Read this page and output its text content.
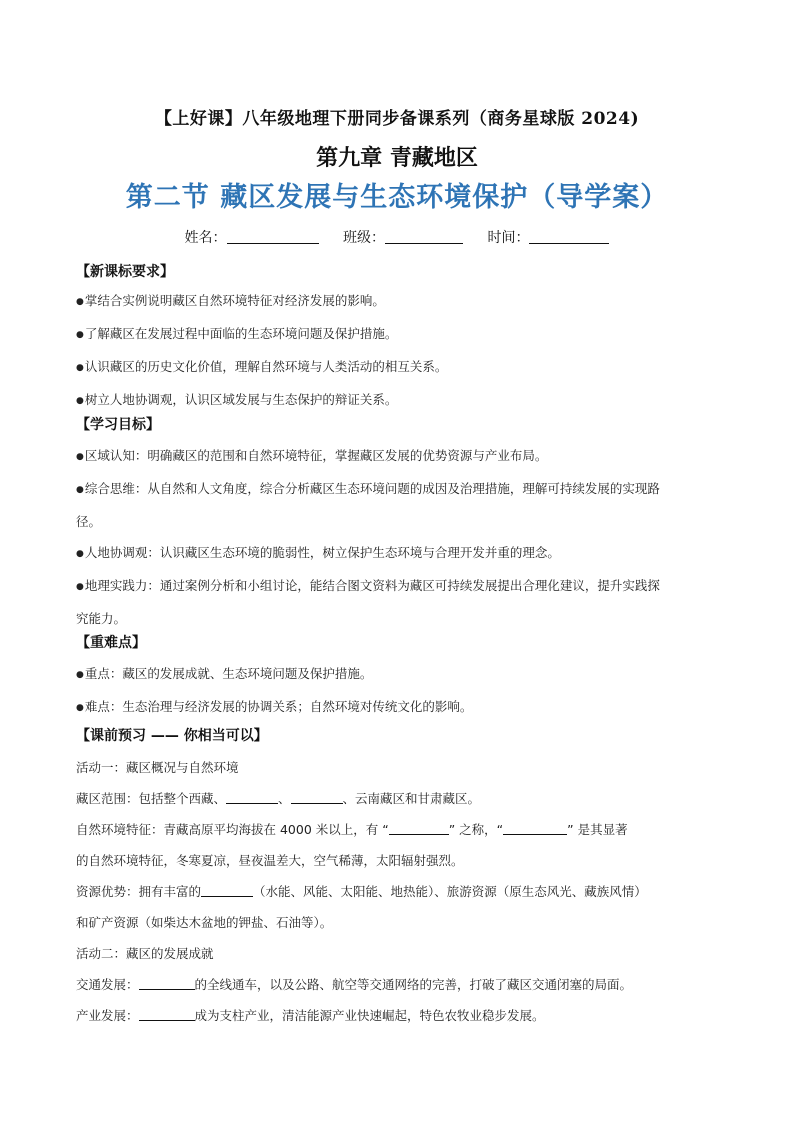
【上好课】八年级地理下册同步备课系列（商务星球版 2024)
第九章 青藏地区
第二节 藏区发展与生态环境保护（导学案）
姓名：	班级：	时间：
【新课标要求】
●掌结合实例说明藏区自然环境特征对经济发展的影响。
●了解藏区在发展过程中面临的生态环境问题及保护措施。
●认识藏区的历史文化价值，理解自然环境与人类活动的相互关系。
●树立人地协调观，认识区域发展与生态保护的辩证关系。
【学习目标】
●区域认知：明确藏区的范围和自然环境特征，掌握藏区发展的优势资源与产业布局。
●综合思维：从自然和人文角度，综合分析藏区生态环境问题的成因及治理措施，理解可持续发展的实现路
径。
●人地协调观：认识藏区生态环境的脆弱性，树立保护生态环境与合理开发并重的理念。
●地理实践力：通过案例分析和小组讨论，能结合图文资料为藏区可持续发展提出合理化建议，提升实践探
究能力。
【重难点】
●重点：藏区的发展成就、生态环境问题及保护措施。
●难点：生态治理与经济发展的协调关系；自然环境对传统文化的影响。
【课前预习 —— 你相当可以】
活动一：藏区概况与自然环境
藏区范围：包括整个西藏、	、	、云南藏区和甘肃藏区。
自然环境特征：青藏高原平均海拔在 4000 米以上，有 “	” 之称，“	” 是其显著
的自然环境特征，冬寒夏凉，昼夜温差大，空气稀薄，太阳辐射强烈。
资源优势：拥有丰富的	（水能、风能、太阳能、地热能）、旅游资源（原生态风光、藏族风情）
和矿产资源（如柴达木盆地的钾盐、石油等）。
活动二：藏区的发展成就
交通发展：	的全线通车，以及公路、航空等交通网络的完善，打破了藏区交通闭塞的局面。
产业发展：	成为支柱产业，清洁能源产业快速崛起，特色农牧业稳步发展。
